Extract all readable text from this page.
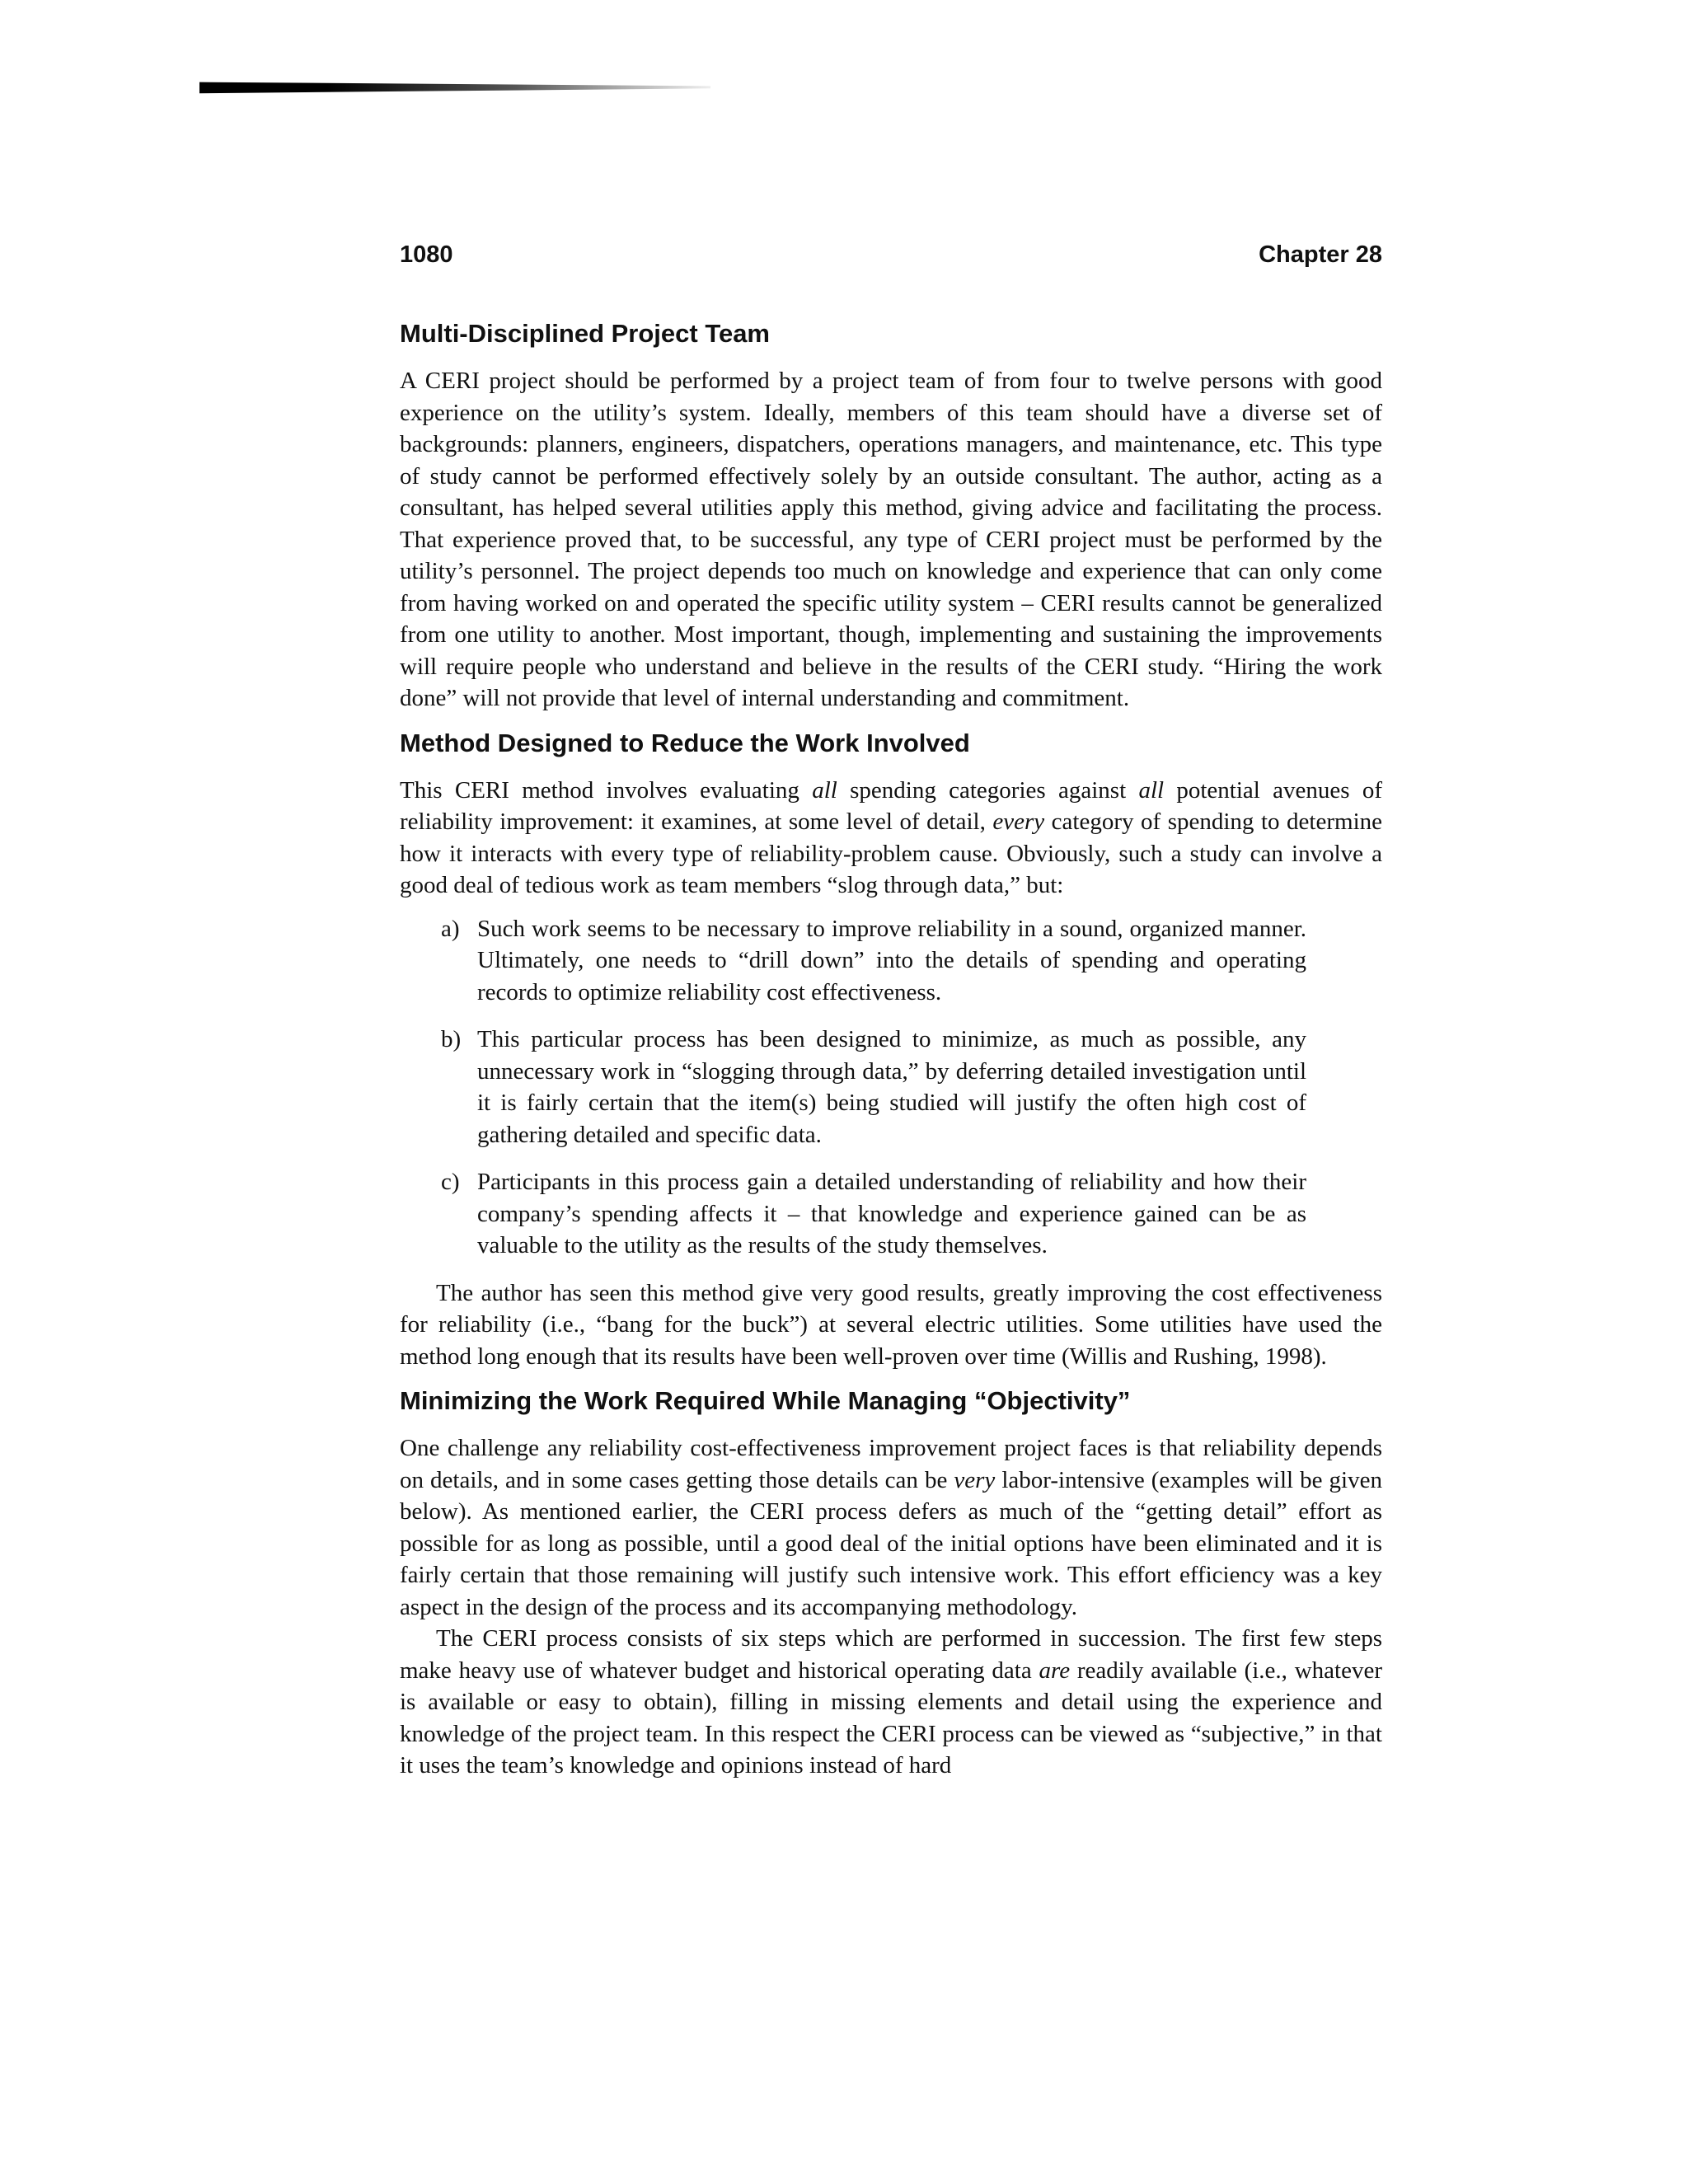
1080	Chapter 28
Multi-Disciplined Project Team

A CERI project should be performed by a project team of from four to twelve persons with good experience on the utility’s system. Ideally, members of this team should have a diverse set of backgrounds: planners, engineers, dispatchers, operations managers, and maintenance, etc. This type of study cannot be performed effectively solely by an outside consultant. The author, acting as a consultant, has helped several utilities apply this method, giving advice and facilitating the process. That experience proved that, to be successful, any type of CERI project must be performed by the utility’s personnel. The project depends too much on knowledge and experience that can only come from having worked on and operated the specific utility system – CERI results cannot be generalized from one utility to another. Most important, though, implementing and sustaining the improvements will require people who understand and believe in the results of the CERI study. “Hiring the work done” will not provide that level of internal understanding and commitment.

Method Designed to Reduce the Work Involved

This CERI method involves evaluating all spending categories against all potential avenues of reliability improvement: it examines, at some level of detail, every category of spending to determine how it interacts with every type of reliability-problem cause. Obviously, such a study can involve a good deal of tedious work as team members “slog through data,” but:

a) Such work seems to be necessary to improve reliability in a sound, organized manner. Ultimately, one needs to “drill down” into the details of spending and operating records to optimize reliability cost effectiveness.
b) This particular process has been designed to minimize, as much as possible, any unnecessary work in “slogging through data,” by deferring detailed investigation until it is fairly certain that the item(s) being studied will justify the often high cost of gathering detailed and specific data.
c) Participants in this process gain a detailed understanding of reliability and how their company’s spending affects it – that knowledge and experience gained can be as valuable to the utility as the results of the study themselves.

The author has seen this method give very good results, greatly improving the cost effectiveness for reliability (i.e., “bang for the buck”) at several electric utilities. Some utilities have used the method long enough that its results have been well-proven over time (Willis and Rushing, 1998).

Minimizing the Work Required While Managing “Objectivity”

One challenge any reliability cost-effectiveness improvement project faces is that reliability depends on details, and in some cases getting those details can be very labor-intensive (examples will be given below). As mentioned earlier, the CERI process defers as much of the “getting detail” effort as possible for as long as possible, until a good deal of the initial options have been eliminated and it is fairly certain that those remaining will justify such intensive work. This effort efficiency was a key aspect in the design of the process and its accompanying methodology.

The CERI process consists of six steps which are performed in succession. The first few steps make heavy use of whatever budget and historical operating data are readily available (i.e., whatever is available or easy to obtain), filling in missing elements and detail using the experience and knowledge of the project team. In this respect the CERI process can be viewed as “subjective,” in that it uses the team’s knowledge and opinions instead of hard
